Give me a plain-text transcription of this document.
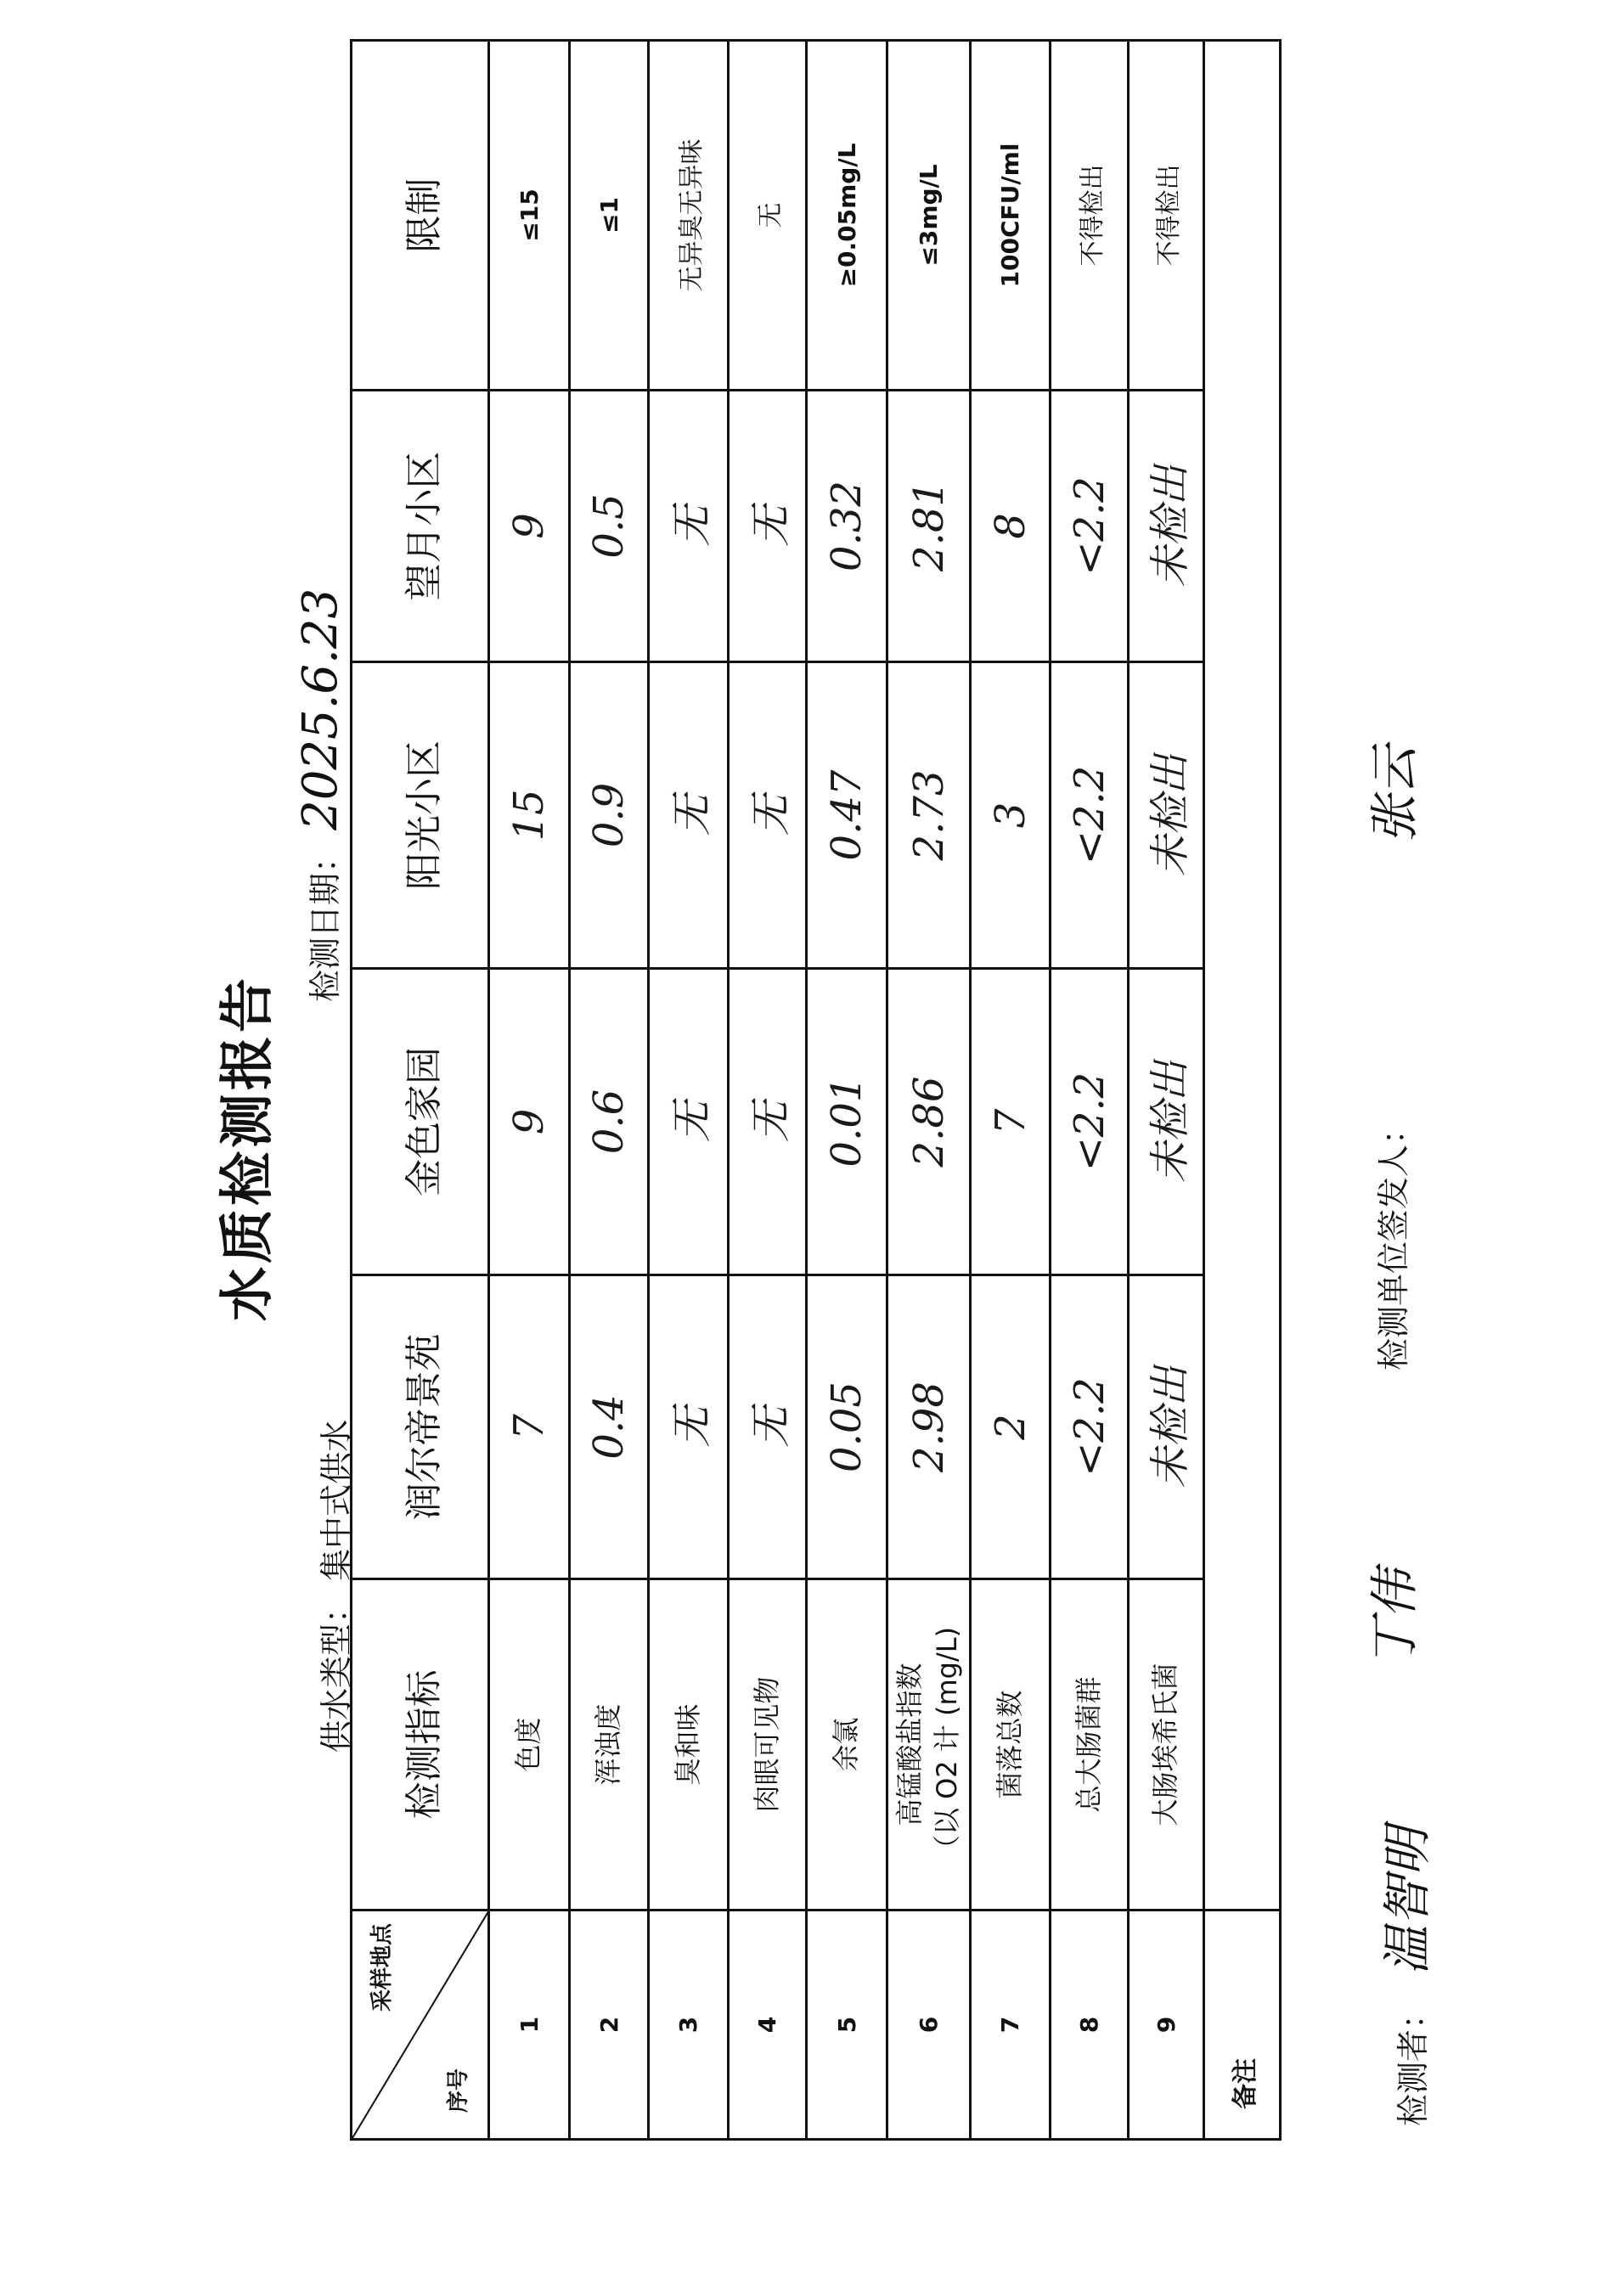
水质检测报告
供水类型： 集中式供水
检测日期： 2025.6.23
采样地点
序号	检测指标	润尔帝景苑	金色家园	阳光小区	望月小区	限制
1	色度	7	9	15	9	≤15
2	浑浊度	0.4	0.6	0.9	0.5	≤1
3	臭和味	无	无	无	无	无异臭无异味
4	肉眼可见物	无	无	无	无	无
5	余氯	0.05	0.01	0.47	0.32	≥0.05mg/L
6	高锰酸盐指数 （以 O2 计 (mg/L)	2.98	2.86	2.73	2.81	≤3mg/L
7	菌落总数	2	7	3	8	100CFU/ml
8	总大肠菌群	<2.2	<2.2	<2.2	<2.2	不得检出
9	大肠埃希氏菌	未检出	未检出	未检出	未检出	不得检出
备注							检测者： 温智明
丁伟
检测单位签发人：
张云
